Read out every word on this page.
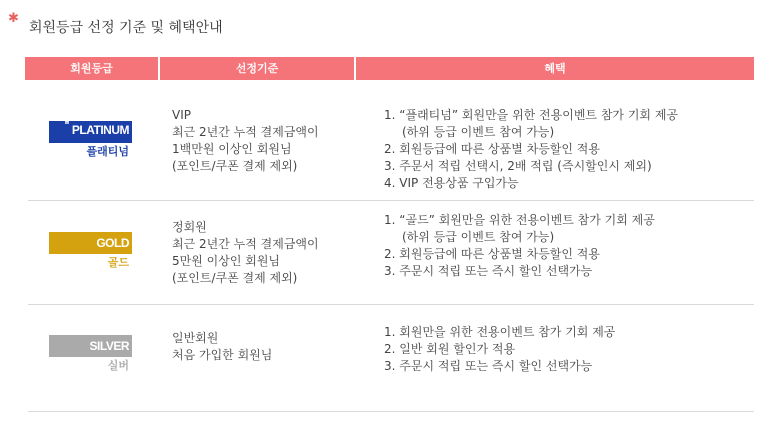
✱
회원등급 선정 기준 및 혜택안내
회원등급	선정기준	혜택
♛
PLATINUM
플래티넘
VIP
최근 2년간 누적 결제금액이
1백만원 이상인 회원님
(포인트/쿠폰 결제 제외)
1. “플래티넘” 회원만을 위한 전용이벤트 참가 기회 제공
(하위 등급 이벤트 참여 가능)
2. 회원등급에 따른 상품별 차등할인 적용
3. 주문서 적립 선택시, 2배 적립 (즉시할인시 제외)
4. VIP 전용상품 구입가능
GOLD
골드
정회원
최근 2년간 누적 결제금액이
5만원 이상인 회원님
(포인트/쿠폰 결제 제외)
1. “골드” 회원만을 위한 전용이벤트 참가 기회 제공
(하위 등급 이벤트 참여 가능)
2. 회원등급에 따른 상품별 차등할인 적용
3. 주문시 적립 또는 즉시 할인 선택가능
SILVER
실버
일반회원
처음 가입한 회원님
1. 회원만을 위한 전용이벤트 참가 기회 제공
2. 일반 회원 할인가 적용
3. 주문시 적립 또는 즉시 할인 선택가능
